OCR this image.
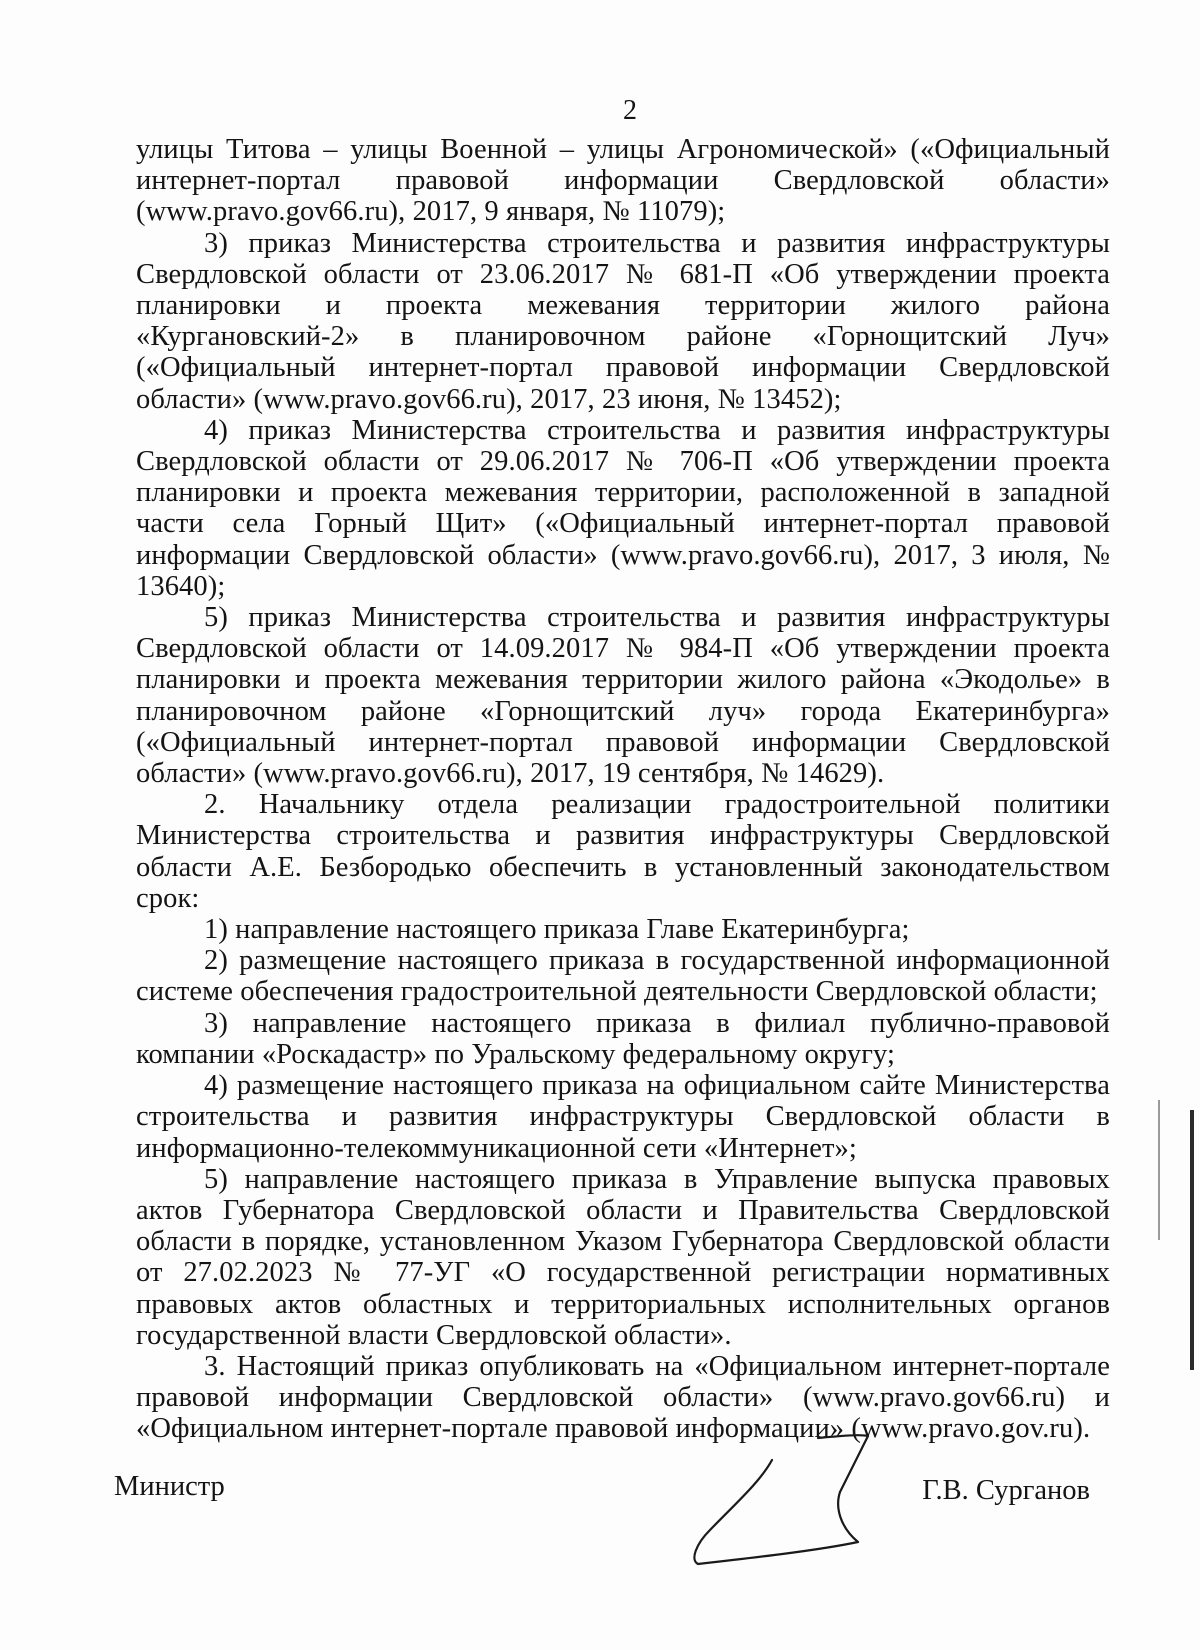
2

улицы Титова – улицы Военной – улицы Агрономической» («Официальный интернет-портал правовой информации Свердловской области» (www.pravo.gov66.ru), 2017, 9 января, № 11079);

3) приказ Министерства строительства и развития инфраструктуры Свердловской области от 23.06.2017 № 681-П «Об утверждении проекта планировки и проекта межевания территории жилого района «Кургановский-2» в планировочном районе «Горнощитский Луч» («Официальный интернет-портал правовой информации Свердловской области» (www.pravo.gov66.ru), 2017, 23 июня, № 13452);

4) приказ Министерства строительства и развития инфраструктуры Свердловской области от 29.06.2017 № 706-П «Об утверждении проекта планировки и проекта межевания территории, расположенной в западной части села Горный Щит» («Официальный интернет-портал правовой информации Свердловской области» (www.pravo.gov66.ru), 2017, 3 июля, № 13640);

5) приказ Министерства строительства и развития инфраструктуры Свердловской области от 14.09.2017 № 984-П «Об утверждении проекта планировки и проекта межевания территории жилого района «Экодолье» в планировочном районе «Горнощитский луч» города Екатеринбурга» («Официальный интернет-портал правовой информации Свердловской области» (www.pravo.gov66.ru), 2017, 19 сентября, № 14629).

2. Начальнику отдела реализации градостроительной политики Министерства строительства и развития инфраструктуры Свердловской области А.Е. Безбородько обеспечить в установленный законодательством срок:

1) направление настоящего приказа Главе Екатеринбурга;

2) размещение настоящего приказа в государственной информационной системе обеспечения градостроительной деятельности Свердловской области;

3) направление настоящего приказа в филиал публично-правовой компании «Роскадастр» по Уральскому федеральному округу;

4) размещение настоящего приказа на официальном сайте Министерства строительства и развития инфраструктуры Свердловской области в информационно-телекоммуникационной сети «Интернет»;

5) направление настоящего приказа в Управление выпуска правовых актов Губернатора Свердловской области и Правительства Свердловской области в порядке, установленном Указом Губернатора Свердловской области от 27.02.2023 № 77-УГ «О государственной регистрации нормативных правовых актов областных и территориальных исполнительных органов государственной власти Свердловской области».

3. Настоящий приказ опубликовать на «Официальном интернет-портале правовой информации Свердловской области» (www.pravo.gov66.ru) и «Официальном интернет-портале правовой информации» (www.pravo.gov.ru).

Министр	Г.В. Сурганов
